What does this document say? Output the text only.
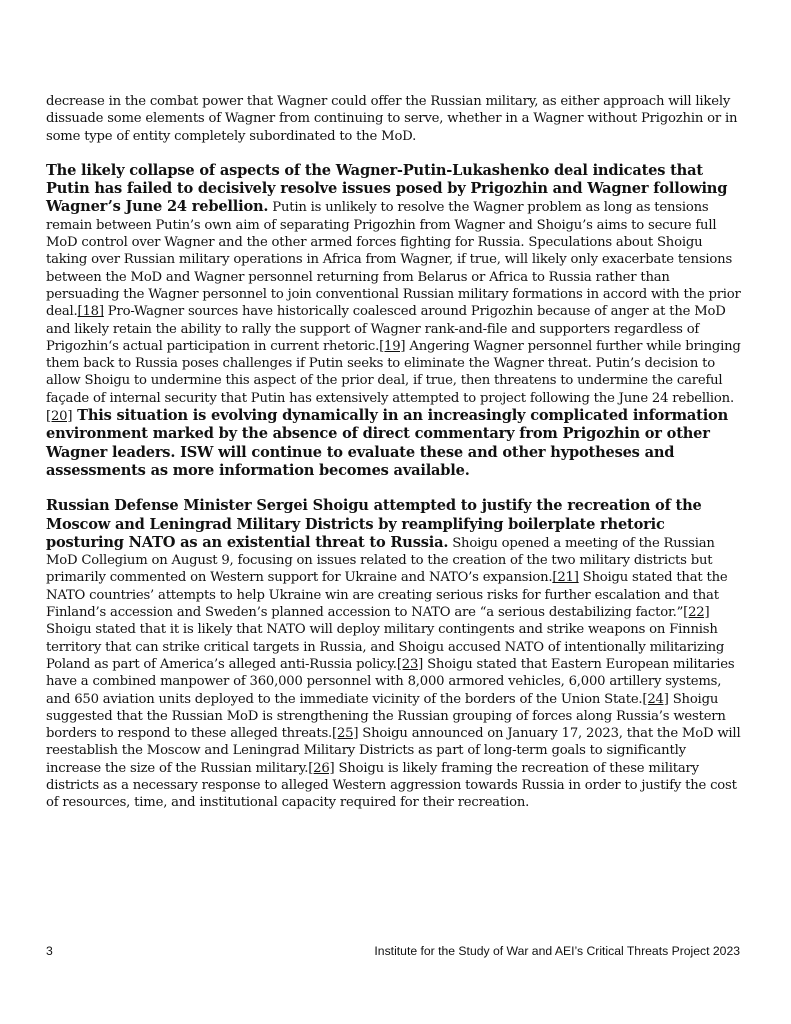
decrease in the combat power that Wagner could offer the Russian military, as either approach will likely dissuade some elements of Wagner from continuing to serve, whether in a Wagner without Prigozhin or in some type of entity completely subordinated to the MoD.

The likely collapse of aspects of the Wagner-Putin-Lukashenko deal indicates that Putin has failed to decisively resolve issues posed by Prigozhin and Wagner following Wagner’s June 24 rebellion. Putin is unlikely to resolve the Wagner problem as long as tensions remain between Putin’s own aim of separating Prigozhin from Wagner and Shoigu’s aims to secure full MoD control over Wagner and the other armed forces fighting for Russia. Speculations about Shoigu taking over Russian military operations in Africa from Wagner, if true, will likely only exacerbate tensions between the MoD and Wagner personnel returning from Belarus or Africa to Russia rather than persuading the Wagner personnel to join conventional Russian military formations in accord with the prior deal.[18] Pro-Wagner sources have historically coalesced around Prigozhin because of anger at the MoD and likely retain the ability to rally the support of Wagner rank-and-file and supporters regardless of Prigozhin‘s actual participation in current rhetoric.[19] Angering Wagner personnel further while bringing them back to Russia poses challenges if Putin seeks to eliminate the Wagner threat. Putin’s decision to allow Shoigu to undermine this aspect of the prior deal, if true, then threatens to undermine the careful façade of internal security that Putin has extensively attempted to project following the June 24 rebellion.[20] This situation is evolving dynamically in an increasingly complicated information environment marked by the absence of direct commentary from Prigozhin or other Wagner leaders. ISW will continue to evaluate these and other hypotheses and assessments as more information becomes available.

Russian Defense Minister Sergei Shoigu attempted to justify the recreation of the Moscow and Leningrad Military Districts by reamplifying boilerplate rhetoric posturing NATO as an existential threat to Russia. Shoigu opened a meeting of the Russian MoD Collegium on August 9, focusing on issues related to the creation of the two military districts but primarily commented on Western support for Ukraine and NATO’s expansion.[21] Shoigu stated that the NATO countries’ attempts to help Ukraine win are creating serious risks for further escalation and that Finland’s accession and Sweden’s planned accession to NATO are “a serious destabilizing factor.”[22] Shoigu stated that it is likely that NATO will deploy military contingents and strike weapons on Finnish territory that can strike critical targets in Russia, and Shoigu accused NATO of intentionally militarizing Poland as part of America’s alleged anti-Russia policy.[23] Shoigu stated that Eastern European militaries have a combined manpower of 360,000 personnel with 8,000 armored vehicles, 6,000 artillery systems, and 650 aviation units deployed to the immediate vicinity of the borders of the Union State.[24] Shoigu suggested that the Russian MoD is strengthening the Russian grouping of forces along Russia’s western borders to respond to these alleged threats.[25] Shoigu announced on January 17, 2023, that the MoD will reestablish the Moscow and Leningrad Military Districts as part of long-term goals to significantly increase the size of the Russian military.[26] Shoigu is likely framing the recreation of these military districts as a necessary response to alleged Western aggression towards Russia in order to justify the cost of resources, time, and institutional capacity required for their recreation.

3	Institute for the Study of War and AEI’s Critical Threats Project 2023
